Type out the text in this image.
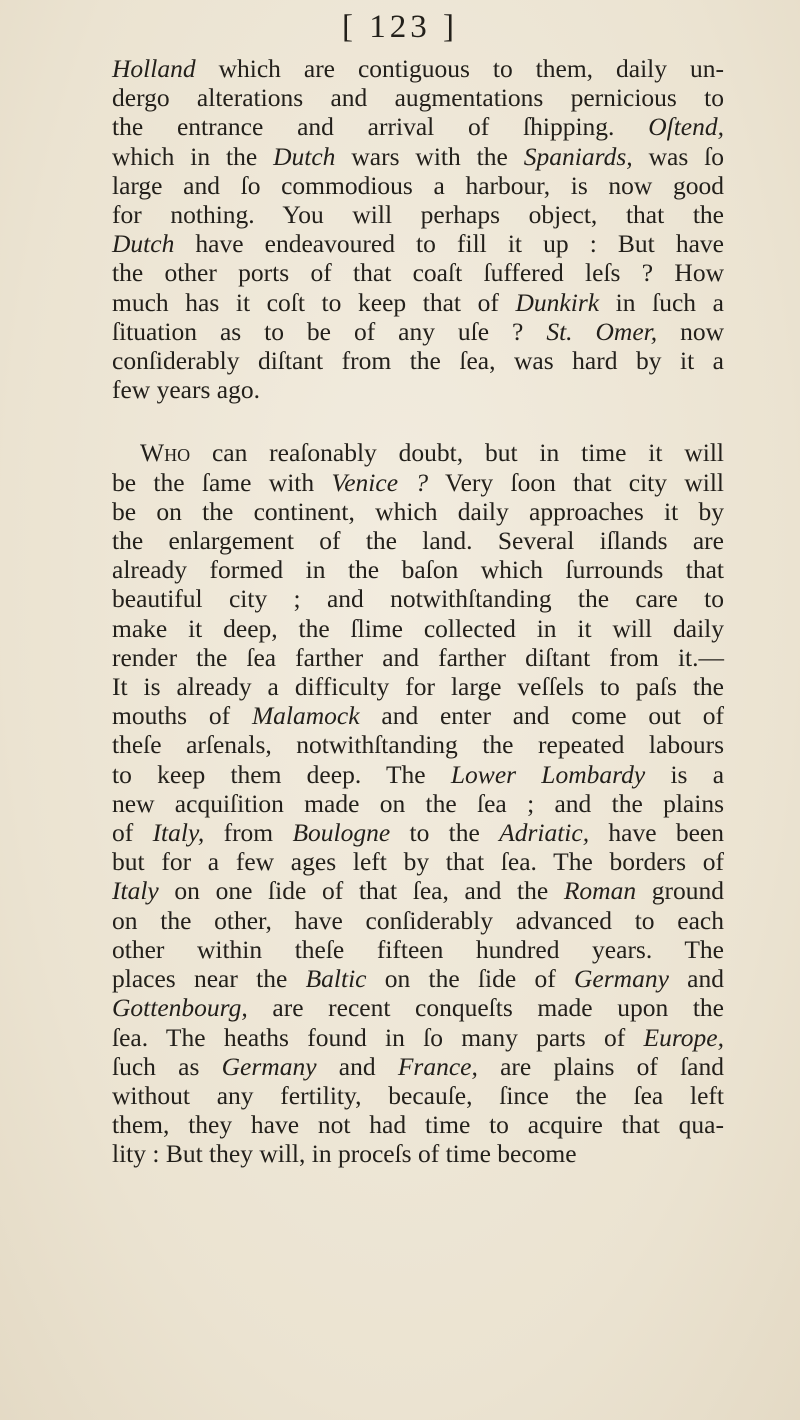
[ 123 ]
Holland which are contiguous to them, daily un-
dergo alterations and augmentations pernicious to
the entrance and arrival of ſhipping. Oſtend,
which in the Dutch wars with the Spaniards, was ſo
large and ſo commodious a harbour, is now good
for nothing. You will perhaps object, that the
Dutch have endeavoured to fill it up : But have
the other ports of that coaſt ſuffered leſs ? How
much has it coſt to keep that of Dunkirk in ſuch a
ſituation as to be of any uſe ? St. Omer, now
conſiderably diſtant from the ſea, was hard by it a
few years ago.
Who can reaſonably doubt, but in time it will
be the ſame with Venice ? Very ſoon that city will
be on the continent, which daily approaches it by
the enlargement of the land. Several iſlands are
already formed in the baſon which ſurrounds that
beautiful city ; and notwithſtanding the care to
make it deep, the ſlime collected in it will daily
render the ſea farther and farther diſtant from it.—
It is already a difficulty for large veſſels to paſs the
mouths of Malamock and enter and come out of
theſe arſenals, notwithſtanding the repeated labours
to keep them deep. The Lower Lombardy is a
new acquiſition made on the ſea ; and the plains
of Italy, from Boulogne to the Adriatic, have been
but for a few ages left by that ſea. The borders of
Italy on one ſide of that ſea, and the Roman ground
on the other, have conſiderably advanced to each
other within theſe fifteen hundred years. The
places near the Baltic on the ſide of Germany and
Gottenbourg, are recent conqueſts made upon the
ſea. The heaths found in ſo many parts of Europe,
ſuch as Germany and France, are plains of ſand
without any fertility, becauſe, ſince the ſea left
them, they have not had time to acquire that qua-
lity : But they will, in proceſs of time become
